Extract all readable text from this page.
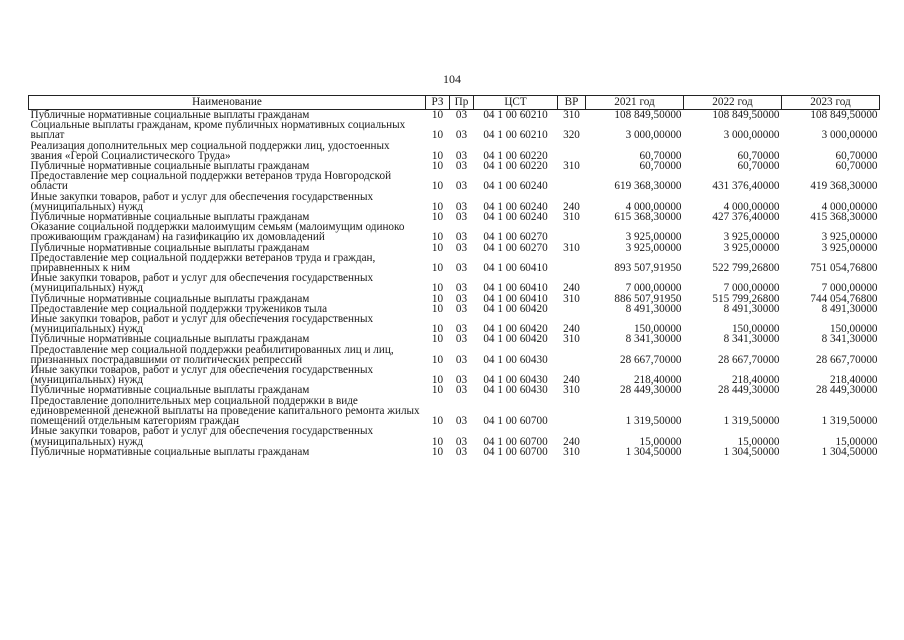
104
Наименование	РЗ	Пр	ЦСТ	ВР	2021 год	2022 год	2023 год
Публичные нормативные социальные выплаты гражданам	10	03	04 1 00 60210	310	108 849,50000	108 849,50000	108 849,50000
Социальные выплаты гражданам, кроме публичных нормативных социальных выплат	10	03	04 1 00 60210	320	3 000,00000	3 000,00000	3 000,00000
Реализация дополнительных мер социальной поддержки лиц, удостоенных звания «Герой Социалистического Труда»	10	03	04 1 00 60220		60,70000	60,70000	60,70000
Публичные нормативные социальные выплаты гражданам	10	03	04 1 00 60220	310	60,70000	60,70000	60,70000
Предоставление мер социальной поддержки ветеранов труда Новгородской области	10	03	04 1 00 60240		619 368,30000	431 376,40000	419 368,30000
Иные закупки товаров, работ и услуг для обеспечения государственных (муниципальных) нужд	10	03	04 1 00 60240	240	4 000,00000	4 000,00000	4 000,00000
Публичные нормативные социальные выплаты гражданам	10	03	04 1 00 60240	310	615 368,30000	427 376,40000	415 368,30000
Оказание социальной поддержки малоимущим семьям (малоимущим одиноко проживающим гражданам) на газификацию их домовладений	10	03	04 1 00 60270		3 925,00000	3 925,00000	3 925,00000
Публичные нормативные социальные выплаты гражданам	10	03	04 1 00 60270	310	3 925,00000	3 925,00000	3 925,00000
Предоставление мер социальной поддержки ветеранов труда и граждан, приравненных к ним	10	03	04 1 00 60410		893 507,91950	522 799,26800	751 054,76800
Иные закупки товаров, работ и услуг для обеспечения государственных (муниципальных) нужд	10	03	04 1 00 60410	240	7 000,00000	7 000,00000	7 000,00000
Публичные нормативные социальные выплаты гражданам	10	03	04 1 00 60410	310	886 507,91950	515 799,26800	744 054,76800
Предоставление мер социальной поддержки тружеников тыла	10	03	04 1 00 60420		8 491,30000	8 491,30000	8 491,30000
Иные закупки товаров, работ и услуг для обеспечения государственных (муниципальных) нужд	10	03	04 1 00 60420	240	150,00000	150,00000	150,00000
Публичные нормативные социальные выплаты гражданам	10	03	04 1 00 60420	310	8 341,30000	8 341,30000	8 341,30000
Предоставление мер социальной поддержки реабилитированных лиц и лиц, признанных пострадавшими от политических репрессий	10	03	04 1 00 60430		28 667,70000	28 667,70000	28 667,70000
Иные закупки товаров, работ и услуг для обеспечения государственных (муниципальных) нужд	10	03	04 1 00 60430	240	218,40000	218,40000	218,40000
Публичные нормативные социальные выплаты гражданам	10	03	04 1 00 60430	310	28 449,30000	28 449,30000	28 449,30000
Предоставление дополнительных мер социальной поддержки в виде единовременной денежной выплаты на проведение капитального ремонта жилых помещений отдельным категориям граждан	10	03	04 1 00 60700		1 319,50000	1 319,50000	1 319,50000
Иные закупки товаров, работ и услуг для обеспечения государственных (муниципальных) нужд	10	03	04 1 00 60700	240	15,00000	15,00000	15,00000
Публичные нормативные социальные выплаты гражданам	10	03	04 1 00 60700	310	1 304,50000	1 304,50000	1 304,50000
